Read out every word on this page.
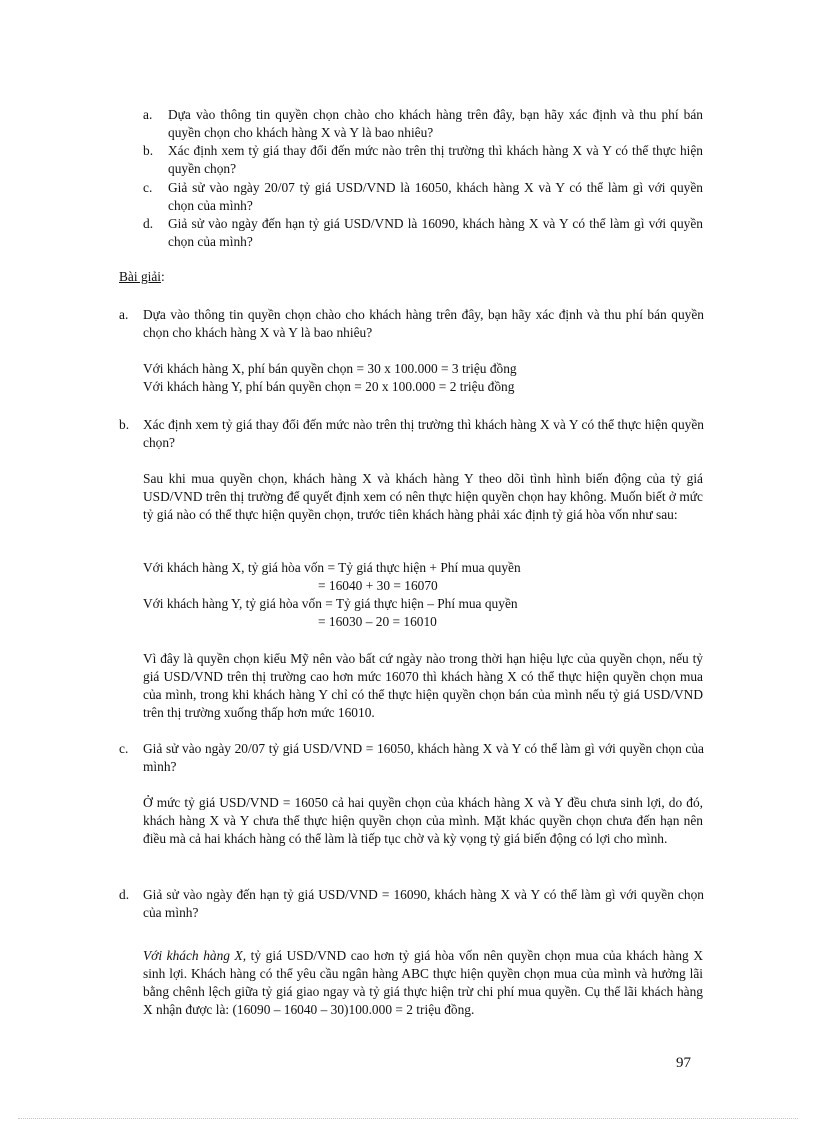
a. Dựa vào thông tin quyền chọn chào cho khách hàng trên đây, bạn hãy xác định và thu phí bán quyền chọn cho khách hàng X và Y là bao nhiêu?
b. Xác định xem tỷ giá thay đổi đến mức nào trên thị trường thì khách hàng X và Y có thể thực hiện quyền chọn?
c. Giả sử vào ngày 20/07 tỷ giá USD/VND là 16050, khách hàng X và Y có thể làm gì với quyền chọn của mình?
d. Giả sử vào ngày đến hạn tỷ giá USD/VND là 16090, khách hàng X và Y có thể làm gì với quyền chọn của mình?
Bài giải:
a. Dựa vào thông tin quyền chọn chào cho khách hàng trên đây, bạn hãy xác định và thu phí bán quyền chọn cho khách hàng X và Y là bao nhiêu?
Với khách hàng X, phí bán quyền chọn = 30 x 100.000 = 3 triệu đồng
Với khách hàng Y, phí bán quyền chọn = 20 x 100.000 = 2 triệu đồng
b. Xác định xem tỷ giá thay đổi đến mức nào trên thị trường thì khách hàng X và Y có thể thực hiện quyền chọn?
Sau khi mua quyền chọn, khách hàng X và khách hàng Y theo dõi tình hình biến động của tỷ giá USD/VND trên thị trường để quyết định xem có nên thực hiện quyền chọn hay không. Muốn biết ở mức tỷ giá nào có thể thực hiện quyền chọn, trước tiên khách hàng phải xác định tỷ giá hòa vốn như sau:
Với khách hàng X, tỷ giá hòa vốn = Tỷ giá thực hiện + Phí mua quyền
= 16040 + 30 = 16070
Với khách hàng Y, tỷ giá hòa vốn = Tỷ giá thực hiện – Phí mua quyền
= 16030 – 20 = 16010
Vì đây là quyền chọn kiểu Mỹ nên vào bất cứ ngày nào trong thời hạn hiệu lực của quyền chọn, nếu tỷ giá USD/VND trên thị trường cao hơn mức 16070 thì khách hàng X có thể thực hiện quyền chọn mua của mình, trong khi khách hàng Y chỉ có thể thực hiện quyền chọn bán của mình nếu tỷ giá USD/VND trên thị trường xuống thấp hơn mức 16010.
c. Giả sử vào ngày 20/07 tỷ giá USD/VND = 16050, khách hàng X và Y có thể làm gì với quyền chọn của mình?
Ở mức tỷ giá USD/VND = 16050 cả hai quyền chọn của khách hàng X và Y đều chưa sinh lợi, do đó, khách hàng X và Y chưa thể thực hiện quyền chọn của mình. Mặt khác quyền chọn chưa đến hạn nên điều mà cả hai khách hàng có thể làm là tiếp tục chờ và kỳ vọng tỷ giá biến động có lợi cho mình.
d. Giả sử vào ngày đến hạn tỷ giá USD/VND = 16090, khách hàng X và Y có thể làm gì với quyền chọn của mình?
Với khách hàng X, tỷ giá USD/VND cao hơn tỷ giá hòa vốn nên quyền chọn mua của khách hàng X sinh lợi. Khách hàng có thể yêu cầu ngân hàng ABC thực hiện quyền chọn mua của mình và hưởng lãi bằng chênh lệch giữa tỷ giá giao ngay và tỷ giá thực hiện trừ chi phí mua quyền. Cụ thể lãi khách hàng X nhận được là: (16090 – 16040 – 30)100.000 = 2 triệu đồng.
97
